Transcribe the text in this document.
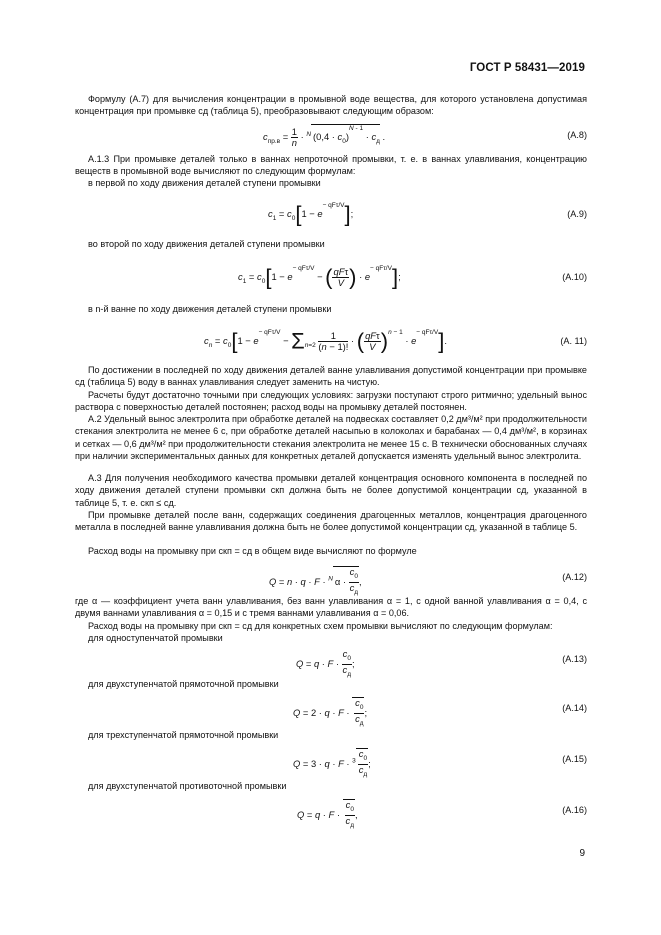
ГОСТ Р 58431—2019
Формулу (А.7) для вычисления концентрации в промывной воде вещества, для которого установлена допустимая концентрация при промывке сд (таблица 5), преобразовывают следующим образом:
$c_{пр.в} = \frac{1}{n} \cdot ^N$ $(0,4 \cdot c_0)^{N - 1} \cdot c_д$ .	(А.8)
А.1.3 При промывке деталей только в ваннах непроточной промывки, т. е. в ваннах улавливания, концентрацию веществ в промывной воде вычисляют по следующим формулам:
в первой по ходу движения деталей ступени промывки
$c_1 = c_0[1 - e^{- qF\tau/V}]$;	(А.9)
во второй по ходу движения деталей ступени промывки
$c_1 = c_0[1 - e^{- qF\tau/V}$ − ( $\frac{\text{qFτ}}{V}$ ) · $e^{- qF\tau/V}$];	(А.10)
в n-й ванне по ходу движения деталей ступени промывки
$c_n = c_0[1 - e^{- qF\tau/V} - \Sigma_{n=2} \frac{1}{(n - 1)!}$ · ( $\frac{\text{qFτ}}{V} )^{n - 1} \cdot e^{- qF\tau/V}$].	(А. 11)
По достижении в последней по ходу движения деталей ванне улавливания допустимой концентрации при промывке сд (таблица 5) воду в ваннах улавливания следует заменить на чистую.
Расчеты будут достаточно точными при следующих условиях: загрузки поступают строго ритмично; удельный вынос раствора с поверхностью деталей постоянен; расход воды на промывку деталей постоянен.
А.2 Удельный вынос электролита при обработке деталей на подвесках составляет 0,2 дм³/м² при продолжительности стекания электролита не менее 6 с, при обработке деталей насыпью в колоколах и барабанах — 0,4 дм³/м², в корзинах и сетках — 0,6 дм³/м² при продолжительности стекания электролита не менее 15 с. В технически обоснованных случаях при наличии экспериментальных данных для конкретных деталей допускается изменять удельный вынос электролита.
А.3 Для получения необходимого качества промывки деталей концентрация основного компонента в последней по ходу движения деталей ступени промывки скп должна быть не более допустимой концентрации сд, указанной в таблице 5, т. е. скп ≤ сд.
При промывке деталей после ванн, содержащих соединения драгоценных металлов, концентрация драгоценного металла в последней ванне улавливания должна быть не более допустимой концентрации сд, указанной в таблице 5.
Расход воды на промывку при скп = сд в общем виде вычисляют по формуле
Q = n · q · F · $^N$ $\alpha \cdot \frac{c_0}{c_д}$ ,	(А.12)
где α — коэффициент учета ванн улавливания, без ванн улавливания α = 1, с одной ванной улавливания α = 0,4, с двумя ваннами улавливания α = 0,15 и с тремя ваннами улавливания α = 0,06.
Расход воды на промывку при скп = сд для конкретных схем промывки вычисляют по следующим формулам:
для одноступенчатой промывки
$Q = q \cdot F \cdot \frac{c_0}{c_д}$ ;	(А.13)
для двухступенчатой прямоточной промывки
$Q = 2 \cdot q \cdot F \cdot \frac{c_0}{c_д}$ ;	(А.14)
для трехступенчатой прямоточной промывки
$Q = 3 \cdot q \cdot F \cdot ^3 \frac{c_0}{c_д}$ ;	(А.15)
для двухступенчатой противоточной промывки
$Q = q \cdot F \cdot \frac{c_0}{c_д}$ ,	(А.16)
9
